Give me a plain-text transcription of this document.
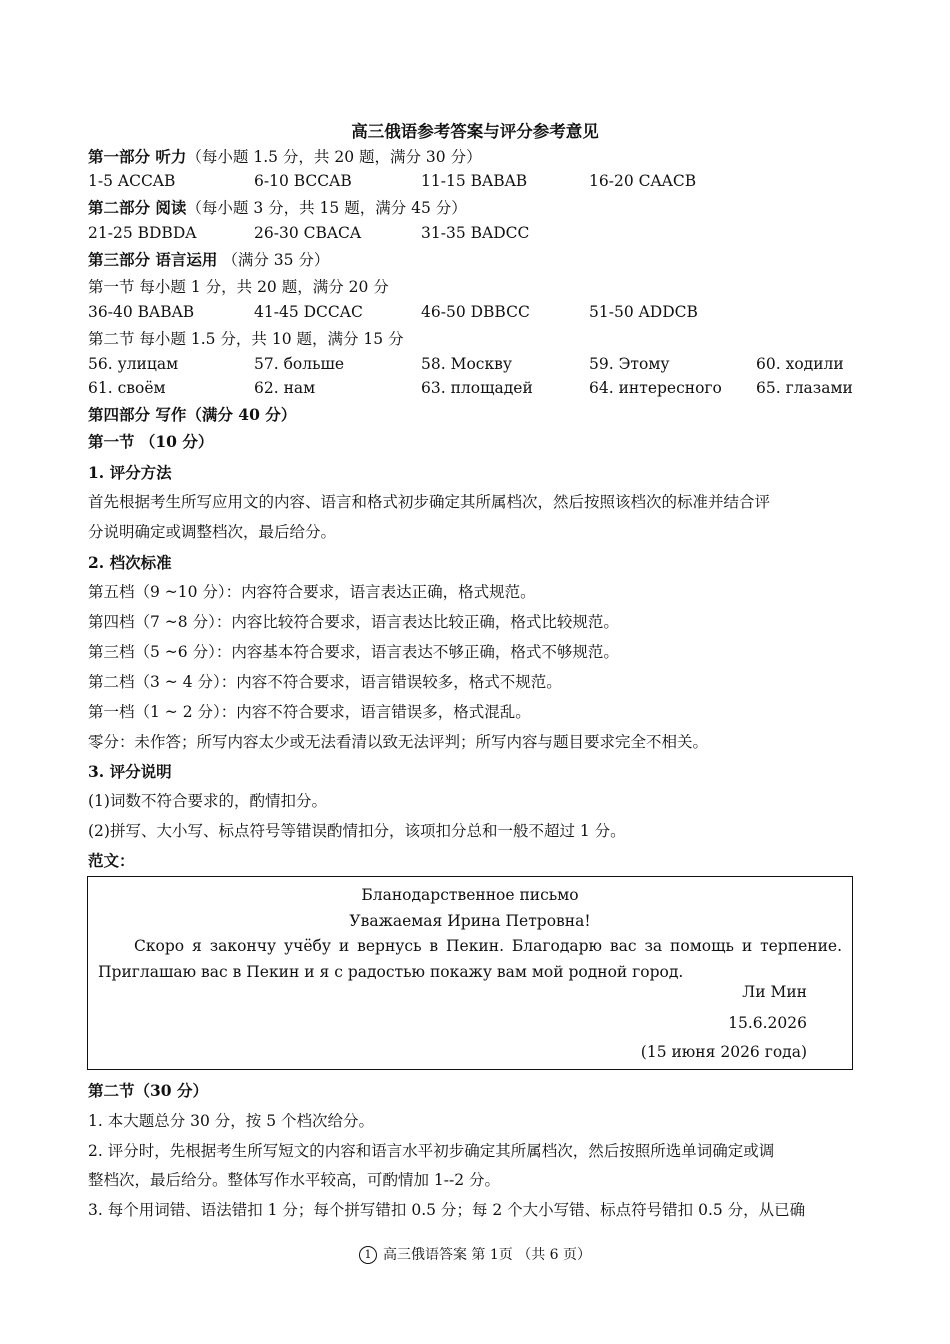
高三俄语参考答案与评分参考意见
第一部分 听力（每小题 1.5 分，共 20 题，满分 30 分）
1-5 ACCAB	6-10 BCCAB	11-15 BABAB	16-20 CAACB
第二部分 阅读（每小题 3 分，共 15 题，满分 45 分）
21-25 BDBDA	26-30 CBACA	31-35 BADCC
第三部分 语言运用 （满分 35 分）
第一节 每小题 1 分，共 20 题，满分 20 分
36-40 BABAB	41-45 DCCAC	46-50 DBBCC	51-50 ADDCB
第二节 每小题 1.5 分，共 10 题，满分 15 分
56. улицам	57. больше	58. Москву	59. Этому	60. ходили
61. своём	62. нам	63. площадей	64. интересного 65. глазами
第四部分 写作（满分 40 分）
第一节 （10 分）
1. 评分方法
首先根据考生所写应用文的内容、语言和格式初步确定其所属档次，然后按照该档次的标准并结合评
分说明确定或调整档次，最后给分。
2. 档次标准
第五档（9 ~10 分）：内容符合要求，语言表达正确，格式规范。
第四档（7 ~8 分）：内容比较符合要求，语言表达比较正确，格式比较规范。
第三档（5 ~6 分）：内容基本符合要求，语言表达不够正确，格式不够规范。
第二档（3 ~ 4 分）：内容不符合要求，语言错误较多，格式不规范。
第一档（1 ~ 2 分）：内容不符合要求，语言错误多，格式混乱。
零分：未作答；所写内容太少或无法看清以致无法评判；所写内容与题目要求完全不相关。
3. 评分说明
(1)词数不符合要求的，酌情扣分。
(2)拼写、大小写、标点符号等错误酌情扣分，该项扣分总和一般不超过 1 分。
范文：
Бланодарственное письмо
Уважаемая Ирина Петровна!
Скоро я закончу учёбу и вернусь в Пекин. Благодарю вас за помощь и терпение. Приглашаю вас в Пекин и я с радостью покажу вам мой родной город.
Ли Мин
15.6.2026
(15 июня 2026 года)
第二节（30 分）
1. 本大题总分 30 分，按 5 个档次给分。
2. 评分时，先根据考生所写短文的内容和语言水平初步确定其所属档次，然后按照所选单词确定或调
整档次，最后给分。整体写作水平较高，可酌情加 1--2 分。
3. 每个用词错、语法错扣 1 分；每个拼写错扣 0.5 分；每 2 个大小写错、标点符号错扣 0.5 分，从已确
1 高三俄语答案 第 1页 （共 6 页）
